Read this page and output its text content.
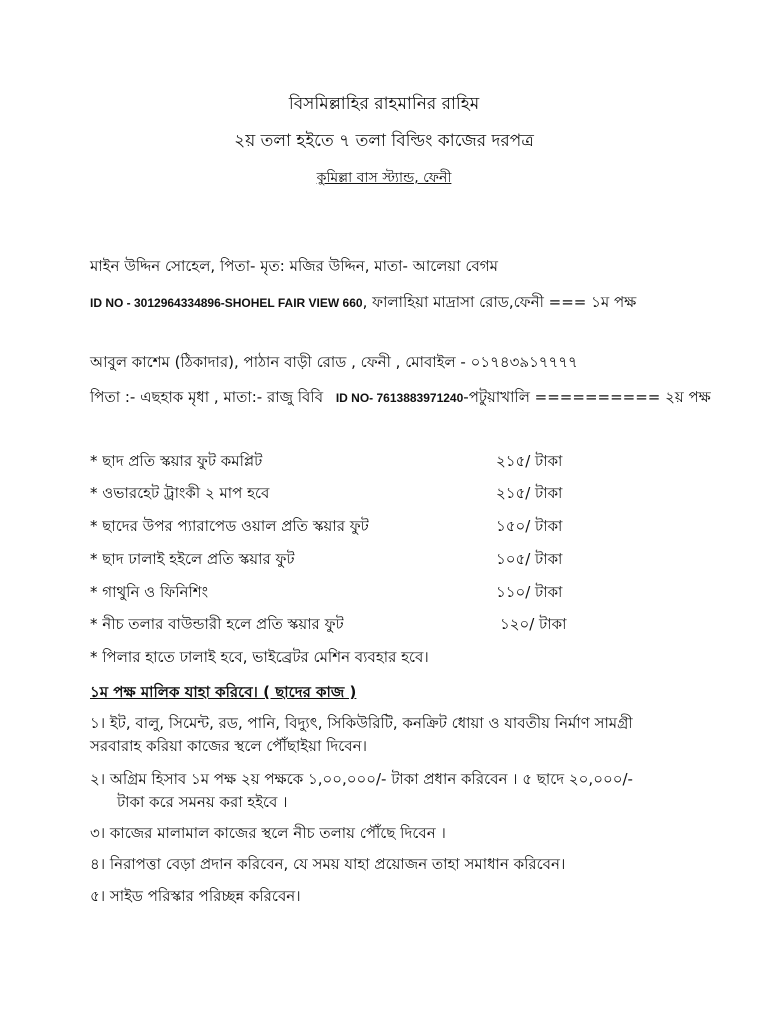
বিসমিল্লাহির রাহমানির রাহিম
২য় তলা হইতে ৭ তলা বিল্ডিং কাজের দরপত্র
কুমিল্লা বাস স্ট্যান্ড, ফেনী
মাইন উদ্দিন সোহেল, পিতা- মৃত: মজির উদ্দিন, মাতা- আলেয়া বেগম
ID NO - 3012964334896-SHOHEL FAIR VIEW 660, ফালাহিয়া মাদ্রাসা রোড,ফেনী === ১ম পক্ষ
আবুল কাশেম (ঠিকাদার), পাঠান বাড়ী রোড , ফেনী , মোবাইল - ০১৭৪৩৯১৭৭৭৭
পিতা :- এছহাক মৃধা , মাতা:- রাজু বিবি ID NO- 7613883971240-পটুয়াখালি ========== ২য় পক্ষ
* ছাদ প্রতি স্কয়ার ফুট কমপ্লিট	২১৫/ টাকা
* ওভারহেট ট্রাংকী ২ মাপ হবে	২১৫/ টাকা
* ছাদের উপর প্যারাপেড ওয়াল প্রতি স্কয়ার ফুট	১৫০/ টাকা
* ছাদ ঢালাই হইলে প্রতি স্কয়ার ফুট	১০৫/ টাকা
* গাথুনি ও ফিনিশিং	১১০/ টাকা
* নীচ তলার বাউন্ডারী হলে প্রতি স্কয়ার ফুট	১২০/ টাকা
* পিলার হাতে ঢালাই হবে, ভাইব্রেটর মেশিন ব্যবহার হবে।
১ম পক্ষ মালিক যাহা করিবে। ( ছাদের কাজ )
১। ইট, বালু, সিমেন্ট, রড, পানি, বিদ্যুৎ, সিকিউরিটি, কনক্রিট ধোয়া ও যাবতীয় নির্মাণ সামগ্রী
সরবারাহ করিয়া কাজের স্থলে পৌঁছাইয়া দিবেন।
২। অগ্রিম হিসাব ১ম পক্ষ ২য় পক্ষকে ১,০০,০০০/- টাকা প্রধান করিবেন । ৫ ছাদে ২০,০০০/-
টাকা করে সমনয় করা হইবে ।
৩। কাজের মালামাল কাজের স্থলে নীচ তলায় পৌঁছে দিবেন ।
৪। নিরাপত্তা বেড়া প্রদান করিবেন, যে সময় যাহা প্রয়োজন তাহা সমাধান করিবেন।
৫। সাইড পরিস্কার পরিচ্ছন্ন করিবেন।
